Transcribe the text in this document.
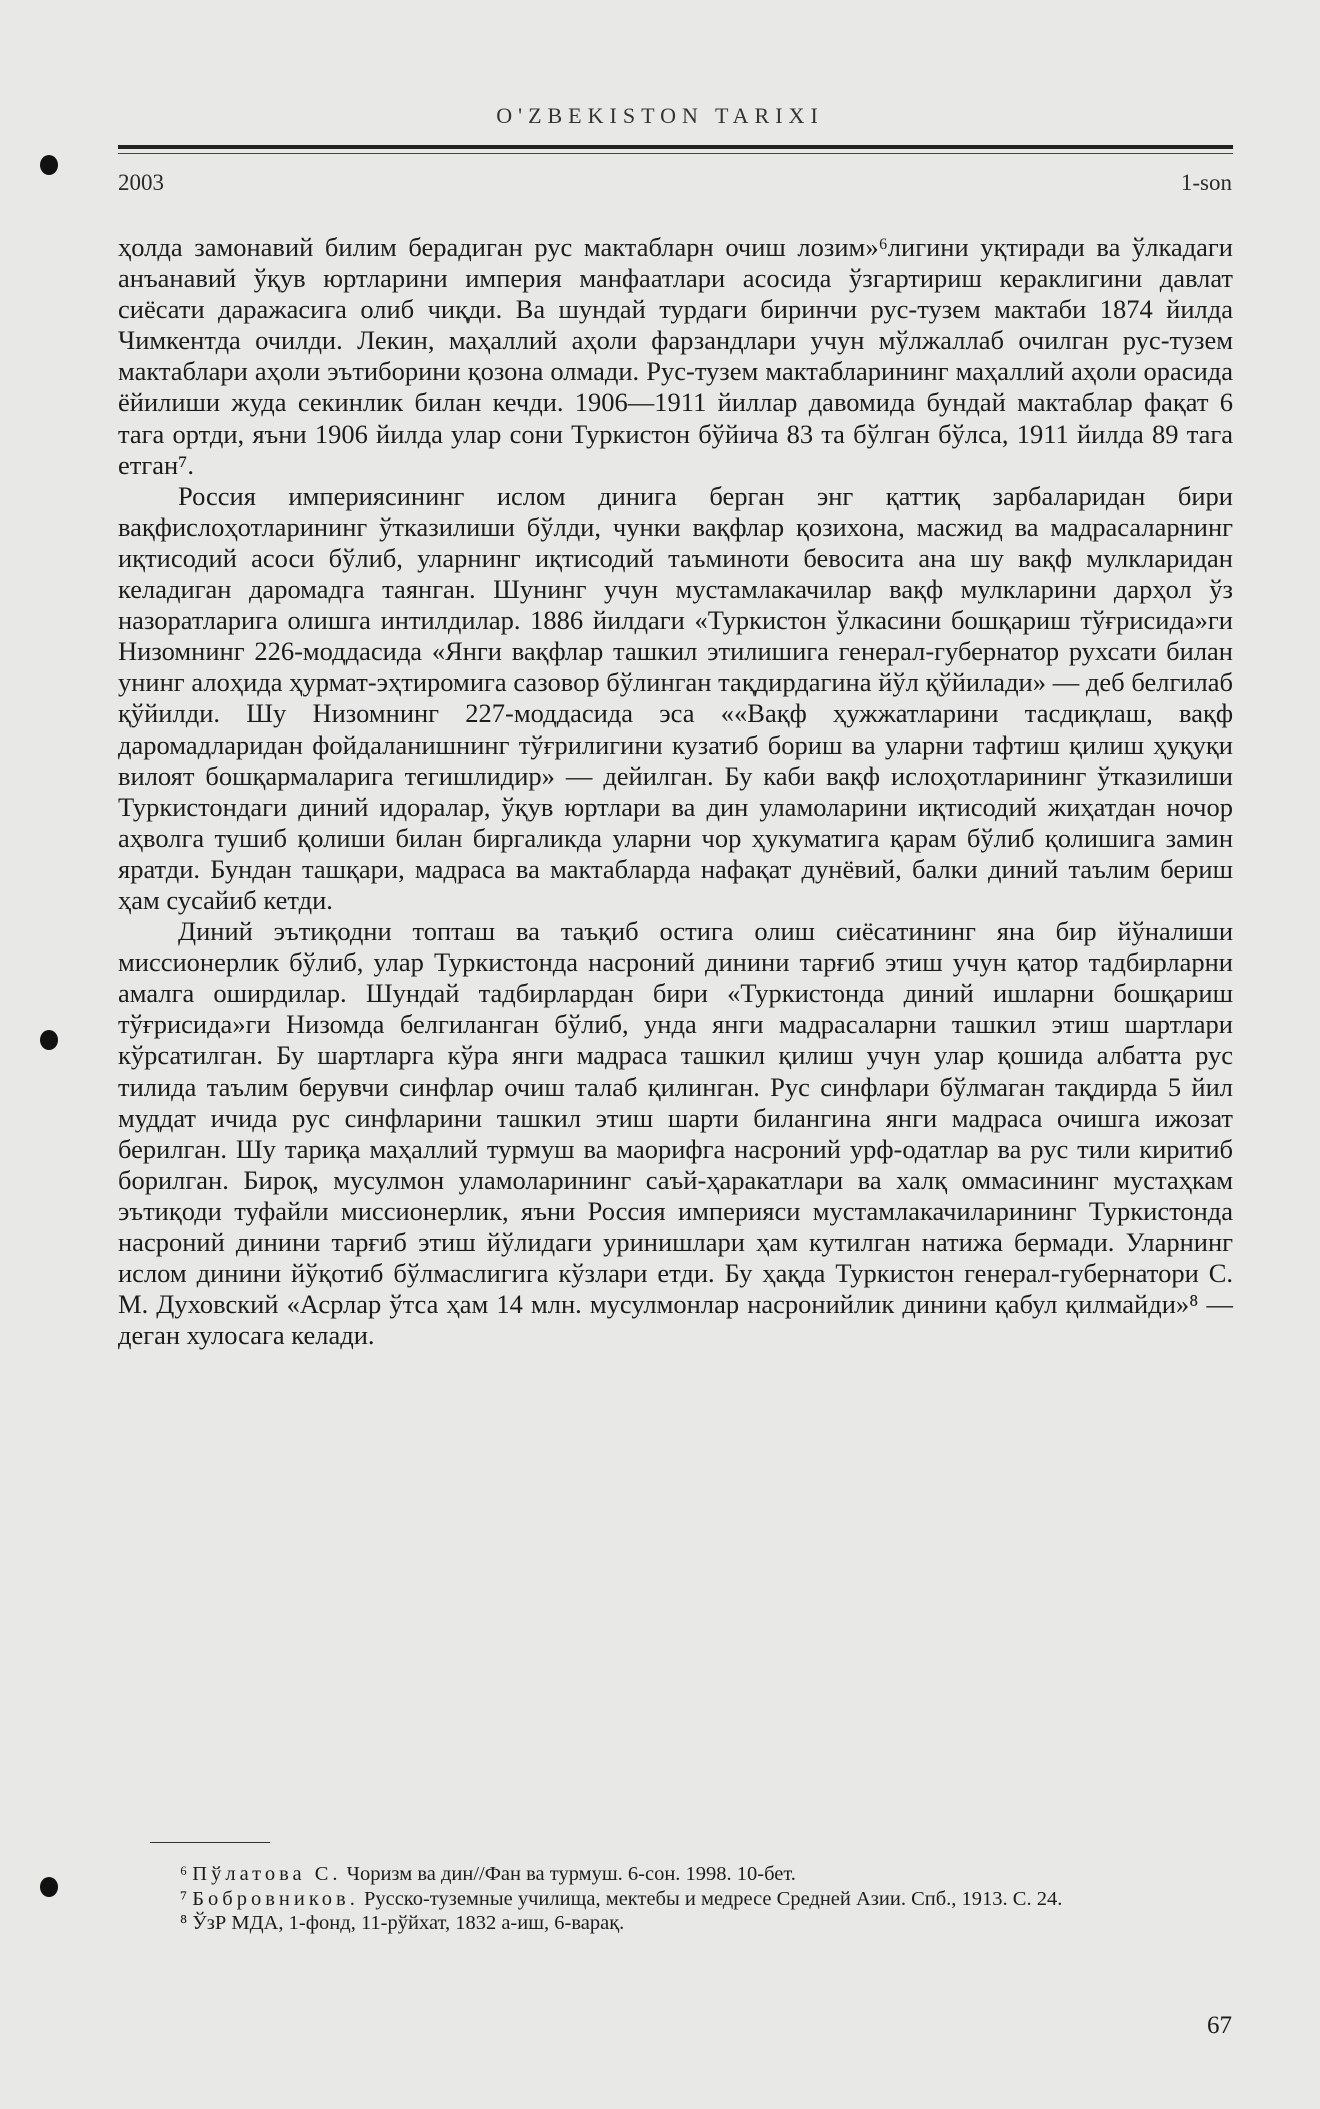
O'ZBEKISTON TARIXI
2003	1-son

ҳолда замонавий билим берадиган рус мактабларн очиш лозим»⁶лигини уқтиради ва ўлкадаги анъанавий ўқув юртларини империя манфаатлари асосида ўзгартириш кераклигини давлат сиёсати даражасига олиб чиқди. Ва шундай турдаги биринчи рус-тузем мактаби 1874 йилда Чимкентда очилди. Лекин, маҳаллий аҳоли фарзандлари учун мўлжаллаб очилган рус-тузем мактаблари аҳоли эътиборини қозона олмади. Рус-тузем мактабларининг маҳаллий аҳоли орасида ёйилиши жуда секинлик билан кечди. 1906—1911 йиллар давомида бундай мактаблар фақат 6 тага ортди, яъни 1906 йилда улар сони Туркистон бўйича 83 та бўлган бўлса, 1911 йилда 89 тага етган⁷.

Россия империясининг ислом динига берган энг қаттиқ зарбаларидан бири вақфислоҳотларининг ўтказилиши бўлди, чунки вақфлар қозихона, масжид ва мадрасаларнинг иқтисодий асоси бўлиб, уларнинг иқтисодий таъминоти бевосита ана шу вақф мулкларидан келадиган даромадга таянган. Шунинг учун мустамлакачилар вақф мулкларини дарҳол ўз назоратларига олишга интилдилар. 1886 йилдаги «Туркистон ўлкасини бошқариш тўғрисида»ги Низомнинг 226-моддасида «Янги вақфлар ташкил этилишига генерал-губернатор рухсати билан унинг алоҳида ҳурмат-эҳтиромига сазовор бўлинган тақдирдагина йўл қўйилади» — деб белгилаб қўйилди. Шу Низомнинг 227-моддасида эса ««Вақф ҳужжатларини тасдиқлаш, вақф даромадларидан фойдаланишнинг тўғрилигини кузатиб бориш ва уларни тафтиш қилиш ҳуқуқи вилоят бошқармаларига тегишлидир» — дейилган. Бу каби вақф ислоҳотларининг ўтказилиши Туркистондаги диний идоралар, ўқув юртлари ва дин уламоларини иқтисодий жиҳатдан ночор аҳволга тушиб қолиши билан биргаликда уларни чор ҳукуматига қарам бўлиб қолишига замин яратди. Бундан ташқари, мадраса ва мактабларда нафақат дунёвий, балки диний таълим бериш ҳам сусайиб кетди.

Диний эътиқодни топташ ва таъқиб остига олиш сиёсатининг яна бир йўналиши миссионерлик бўлиб, улар Туркистонда насроний динини тарғиб этиш учун қатор тадбирларни амалга оширдилар. Шундай тадбирлардан бири «Туркистонда диний ишларни бошқариш тўғрисида»ги Низомда белгиланган бўлиб, унда янги мадрасаларни ташкил этиш шартлари кўрсатилган. Бу шартларга кўра янги мадраса ташкил қилиш учун улар қошида албатта рус тилида таълим берувчи синфлар очиш талаб қилинган. Рус синфлари бўлмаган тақдирда 5 йил муддат ичида рус синфларини ташкил этиш шарти билангина янги мадраса очишга ижозат берилган. Шу тариқа маҳаллий турмуш ва маорифга насроний урф-одатлар ва рус тили киритиб борилган. Бироқ, мусулмон уламоларининг саъй-ҳаракатлари ва халқ оммасининг мустаҳкам эътиқоди туфайли миссионерлик, яъни Россия империяси мустамлакачиларининг Туркистонда насроний динини тарғиб этиш йўлидаги уринишлари ҳам кутилган натижа бермади. Уларнинг ислом динини йўқотиб бўлмаслигига кўзлари етди. Бу ҳақда Туркистон генерал-губернатори С. М. Духовский «Асрлар ўтса ҳам 14 млн. мусулмонлар насронийлик динини қабул қилмайди»⁸ — деган хулосага келади.

⁶ Пўлатова С. Чоризм ва дин//Фан ва турмуш. 6-сон. 1998. 10-бет.

⁷ Бобровников. Русско-туземные училища, мектебы и медресе Средней Азии. Спб., 1913. С. 24.

⁸ ЎзР МДА, 1-фонд, 11-рўйхат, 1832 а-иш, 6-варақ.

67
